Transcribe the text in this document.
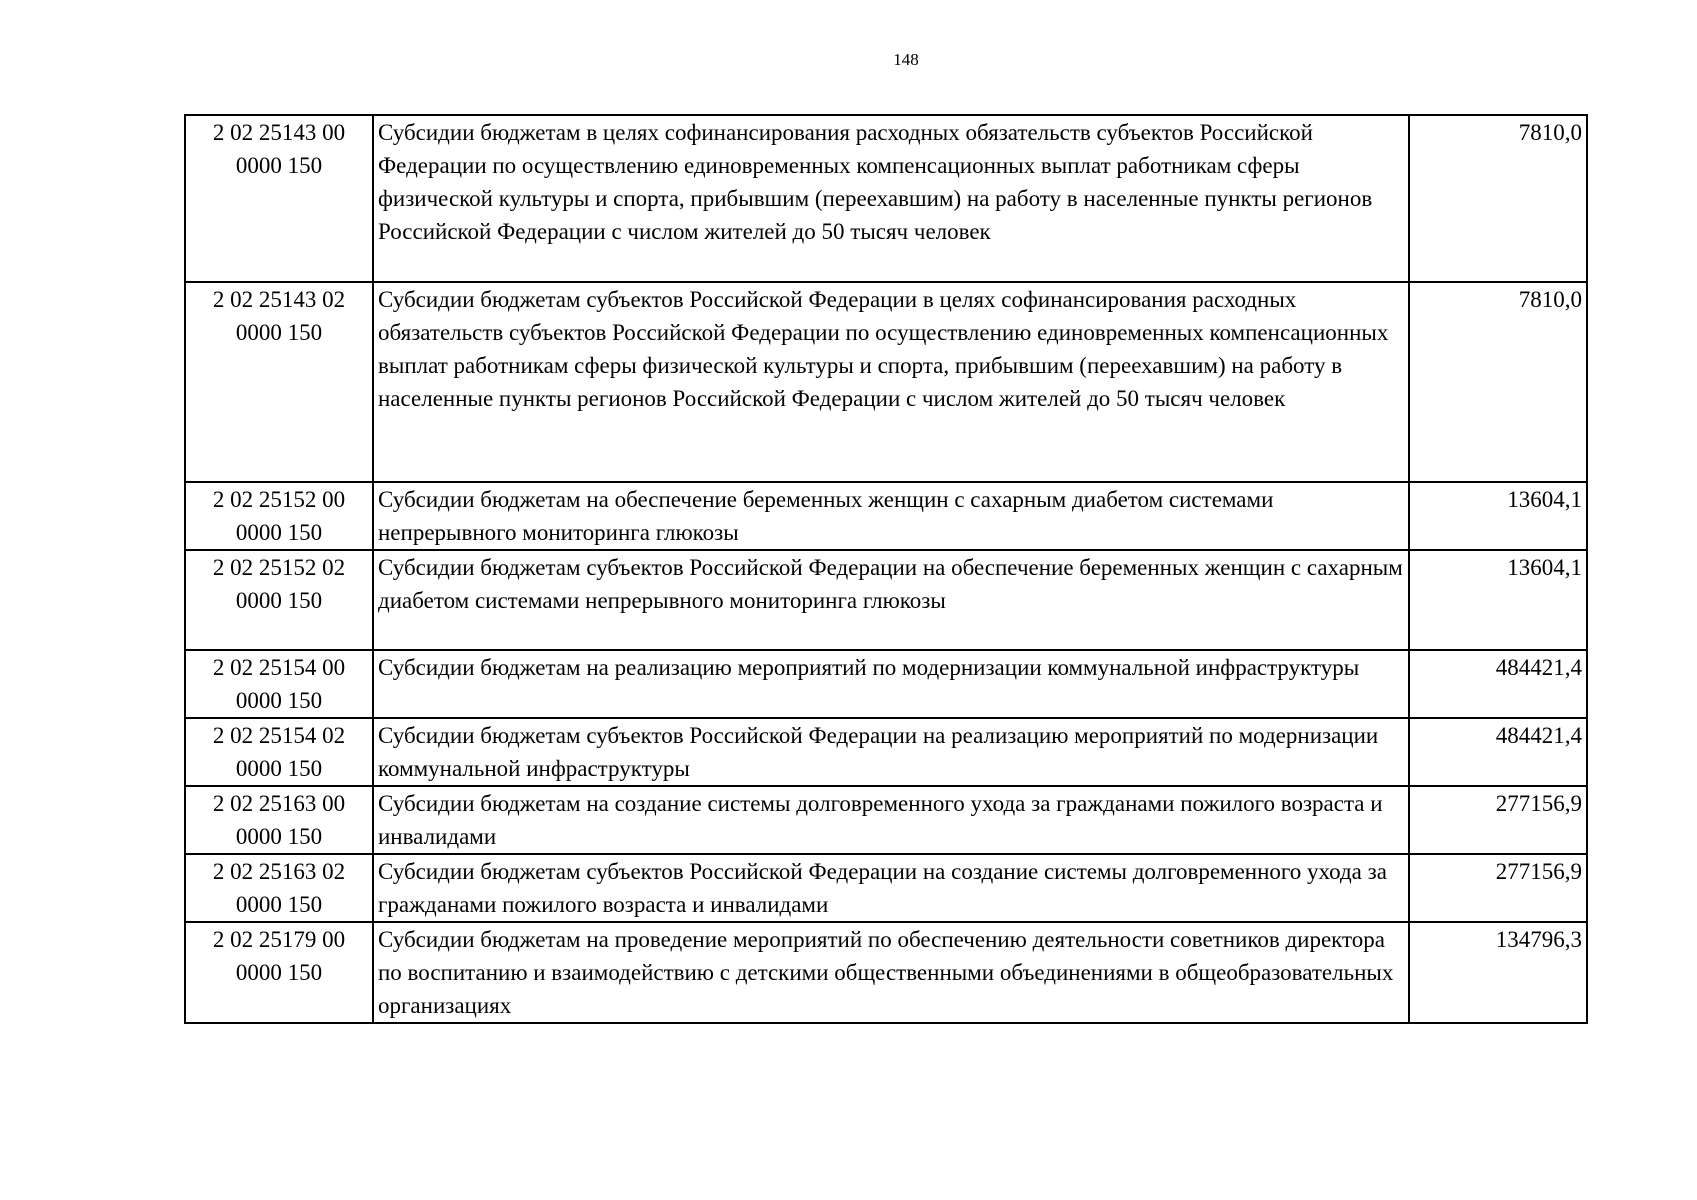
148
2 02 25143 00
0000 150	Субсидии бюджетам в целях софинансирования расходных обязательств субъектов Российской Федерации по осуществлению единовременных компенсационных выплат работникам сферы физической культуры и спорта, прибывшим (переехавшим) на работу в населенные пункты регионов Российской Федерации с числом жителей до 50 тысяч человек	7810,0

2 02 25143 02
0000 150	Субсидии бюджетам субъектов Российской Федерации в целях софинансирования расходных обязательств субъектов Российской Федерации по осуществлению единовременных компенсационных выплат работникам сферы физической культуры и спорта, прибывшим (переехавшим) на работу в населенные пункты регионов Российской Федерации с числом жителей до 50 тысяч человек	7810,0

2 02 25152 00
0000 150	Субсидии бюджетам на обеспечение беременных женщин с сахарным диабетом системами непрерывного мониторинга глюкозы	13604,1

2 02 25152 02
0000 150	Субсидии бюджетам субъектов Российской Федерации на обеспечение беременных женщин с сахарным диабетом системами непрерывного мониторинга глюкозы	13604,1

2 02 25154 00
0000 150	Субсидии бюджетам на реализацию мероприятий по модернизации коммунальной инфраструктуры	484421,4

2 02 25154 02
0000 150	Субсидии бюджетам субъектов Российской Федерации на реализацию мероприятий по модернизации коммунальной инфраструктуры	484421,4

2 02 25163 00
0000 150	Субсидии бюджетам на создание системы долговременного ухода за гражданами пожилого возраста и инвалидами	277156,9

2 02 25163 02
0000 150	Субсидии бюджетам субъектов Российской Федерации на создание системы долговременного ухода за гражданами пожилого возраста и инвалидами	277156,9

2 02 25179 00
0000 150	Субсидии бюджетам на проведение мероприятий по обеспечению деятельности советников директора по воспитанию и взаимодействию с детскими общественными объединениями в общеобразовательных организациях	134796,3
